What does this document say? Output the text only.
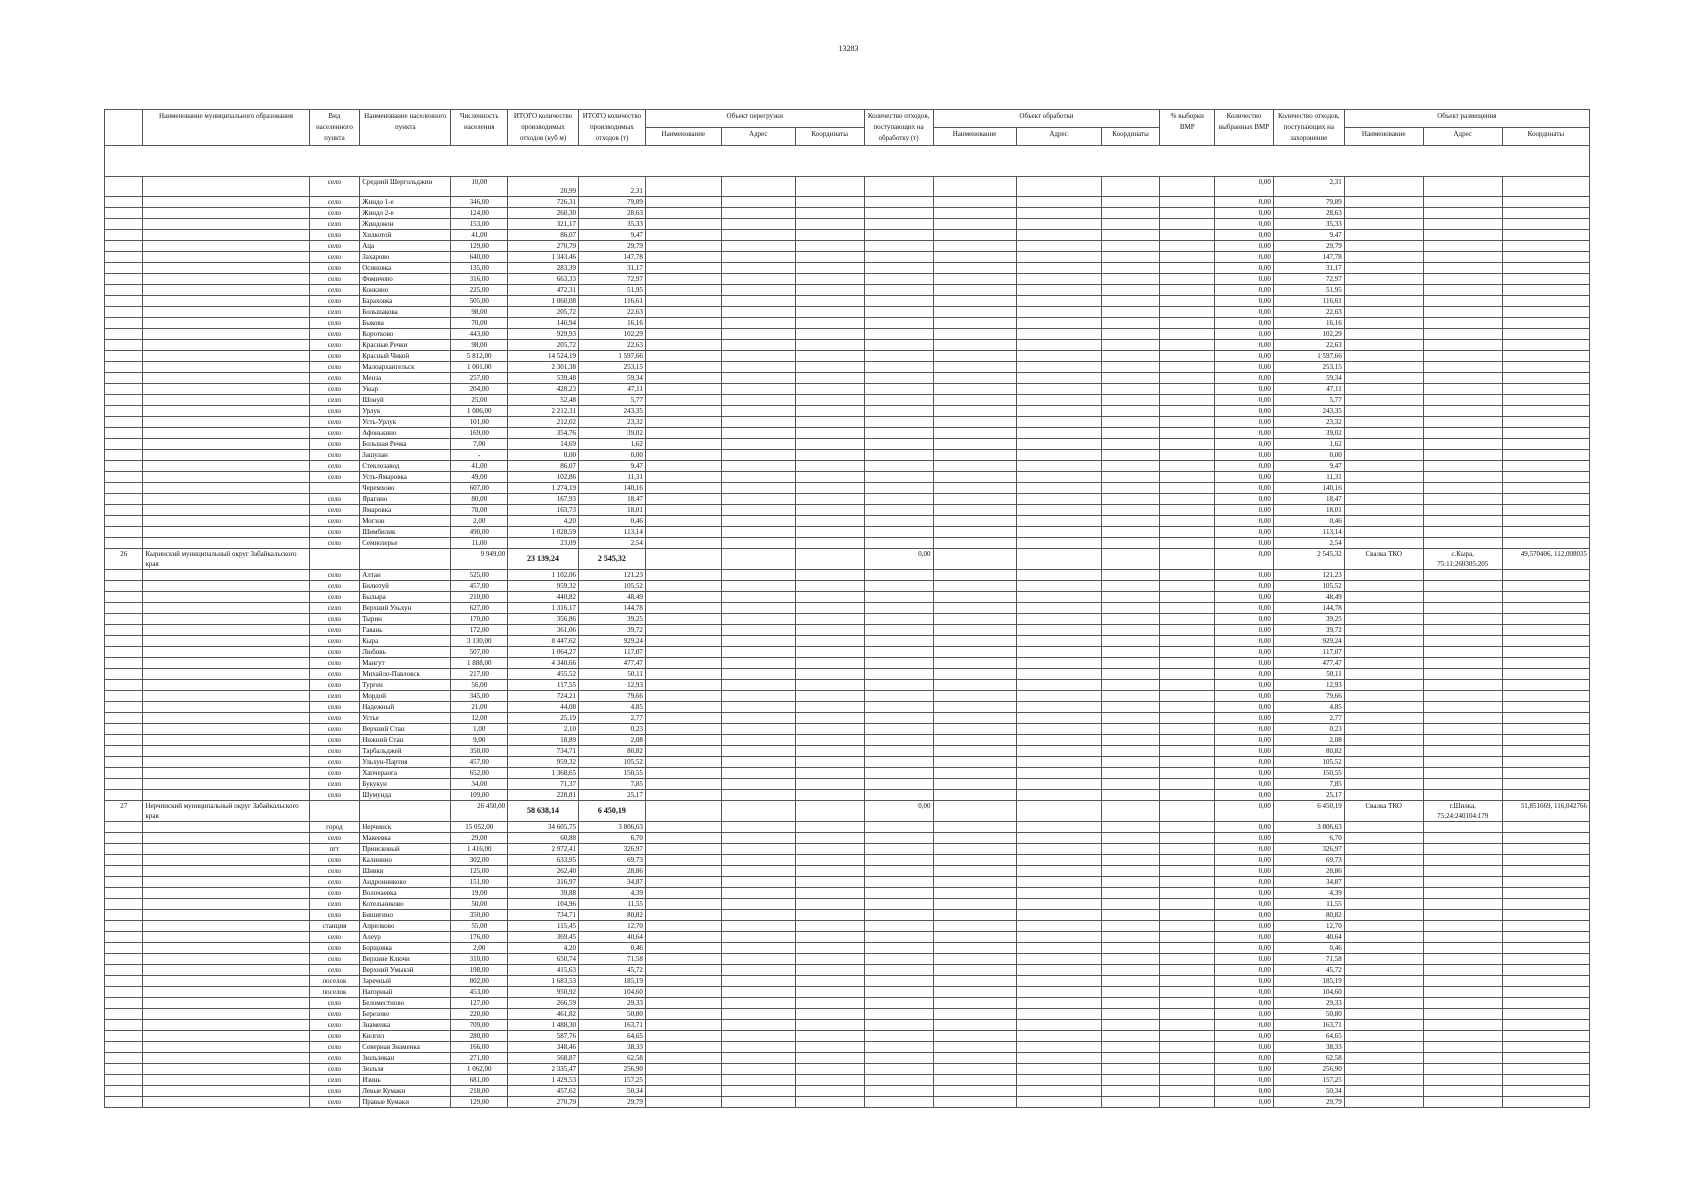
13283
	Наименование муниципального образования	Вид населенного пункта	Наименование населенного пункта	Численность населения	ИТОГО количество производимых отходов (куб м)	ИТОГО количество производимых отходов (т)	Объект перегрузки			Количество отходов, поступающих на обработку (т)	Объект обработки			% выборки ВМР	Количество выбранных ВМР	Количество отходов, поступающих на захоронение	Объект размещения		
							Наименование	Адрес	Координаты		Наименование	Адрес	Координаты				Наименование	Адрес	Координаты

		село	Средний Шергольджин	10,00	20,99	2,31									0,00	2,31			
		село	Жиндо 1-е	346,00	726,31	79,89									0,00	79,89			
		село	Жиндо 2-е	124,00	260,30	28,63									0,00	28,63			
		село	Жиндокон	153,00	321,17	35,33									0,00	35,33			
		село	Хилкотой	41,00	86,07	9,47									0,00	9,47			
		село	Аца	129,00	270,79	29,79									0,00	29,79			
		село	Захарово	640,00	1 343,46	147,78									0,00	147,78			
		село	Осиновка	135,00	283,39	31,17									0,00	31,17			
		село	Фомичево	316,00	663,33	72,97									0,00	72,97			
		село	Конкино	225,00	472,31	51,95									0,00	51,95			
		село	Бараховка	505,00	1 060,08	116,61									0,00	116,61			
		село	Большакова	98,00	205,72	22,63									0,00	22,63			
		село	Быкова	70,00	146,94	16,16									0,00	16,16			
		село	Коротково	443,00	929,93	102,29									0,00	102,29			
		село	Красные Речки	98,00	205,72	22,63									0,00	22,63			
		село	Красный Чикой	5 812,00	14 524,19	1 597,66									0,00	1 597,66			
		село	Малоархангельск	1 001,00	2 301,38	253,15									0,00	253,15			
		село	Менза	257,00	539,48	59,34									0,00	59,34			
		село	Укыр	204,00	428,23	47,11									0,00	47,11			
		село	Шонуй	25,00	52,48	5,77									0,00	5,77			
		село	Урлук	1 006,00	2 212,31	243,35									0,00	243,35			
		село	Усть-Урлук	101,00	212,02	23,32									0,00	23,32			
		село	Афонькино	169,00	354,76	39,02									0,00	39,02			
		село	Большая Речка	7,00	14,69	1,62									0,00	1,62			
		село	Зашулан	-	0,00	0,00									0,00	0,00			
		село	Стеклозавод	41,00	86,07	9,47									0,00	9,47			
		село	Усть-Ямаровка	49,00	102,86	11,31									0,00	11,31			
			Черемхово	607,00	1 274,19	140,16									0,00	140,16			
		село	Ярагнно	80,00	167,93	18,47									0,00	18,47			
		село	Ямаровка	78,00	163,73	18,01									0,00	18,01			
		село	Могзон	2,00	4,20	0,46									0,00	0,46			
		село	Шимбилик	490,00	1 028,59	113,14									0,00	113,14			
		село	Семиозерье	11,00	23,09	2,54									0,00	2,54			
26	Кыринский муниципальный округ Забайкальского края			9 949,00	23 139,24	2 545,32				0,00					0,00	2 545,32	Свалка ТКО	с.Кыра, 75:11:260305:205	49,570406, 112,008035
		село	Алтан	525,00	1 102,06	121,23									0,00	121,23			
		село	Билютуй	457,00	959,32	105,52									0,00	105,52			
		село	Былыра	210,00	440,82	48,49									0,00	48,49			
		село	Верхний Ульхун	627,00	1 316,17	144,78									0,00	144,78			
		село	Тырин	170,00	356,86	39,25									0,00	39,25			
		село	Гавань	172,00	361,06	39,72									0,00	39,72			
		село	Кыра	3 130,00	8 447,62	929,24									0,00	929,24			
		село	Любовь	507,00	1 064,27	117,07									0,00	117,07			
		село	Мангут	1 888,00	4 340,66	477,47									0,00	477,47			
		село	Михайло-Павловск	217,00	455,52	50,11									0,00	50,11			
		село	Турген	56,00	117,55	12,93									0,00	12,93			
		село	Мордой	345,00	724,21	79,66									0,00	79,66			
		село	Надежный	21,00	44,08	4,85									0,00	4,85			
		село	Устье	12,00	25,19	2,77									0,00	2,77			
		село	Верхний Стан	1,00	2,10	0,23									0,00	0,23			
		село	Нижний Стан	9,00	18,89	2,08									0,00	2,08			
		село	Тарбальджей	350,00	734,71	80,82									0,00	80,82			
		село	Ульхун-Партия	457,00	959,32	105,52									0,00	105,52			
		село	Хапчеранга	652,00	1 368,65	150,55									0,00	150,55			
		село	Букукун	34,00	71,37	7,85									0,00	7,85			
		село	Шумунда	109,00	228,81	25,17									0,00	25,17			
27	Нерчинский муниципальный округ Забайкальского края			26 450,00	58 638,14	6 450,19				0,00					0,00	6 450,19	Свалка ТКО	г.Шилка, 75:24:240104:179	51,851669, 116,042766
		город	Нерчинск	15 052,00	34 605,75	3 806,63									0,00	3 806,63			
		село	Макеевка	29,00	60,88	6,70									0,00	6,70			
		пгт	Приисковый	1 416,00	2 972,41	326,97									0,00	326,97			
		село	Калинино	302,00	633,95	69,73									0,00	69,73			
		село	Шивки	125,00	262,40	28,86									0,00	28,86			
		село	Андронниково	151,00	316,97	34,87									0,00	34,87			
		село	Волочаевка	19,00	39,88	4,39									0,00	4,39			
		село	Котельниково	50,00	104,96	11,55									0,00	11,55			
		село	Бишигино	350,00	734,71	80,82									0,00	80,82			
		станция	Апрелково	55,00	115,45	12,70									0,00	12,70			
		село	Алеур	176,00	369,45	40,64									0,00	40,64			
		село	Борщовка	2,00	4,20	0,46									0,00	0,46			
		село	Верхние Ключи	310,00	650,74	71,58									0,00	71,58			
		село	Верхний Умыкэй	198,00	415,63	45,72									0,00	45,72			
		поселок	Заречный	802,00	1 683,53	185,19									0,00	185,19			
		поселок	Нагорный	453,00	950,92	104,60									0,00	104,60			
		село	Беломестново	127,00	266,59	29,33									0,00	29,33			
		село	Березово	220,00	461,82	50,80									0,00	50,80			
		село	Знаменка	709,00	1 488,30	163,71									0,00	163,71			
		село	Килгил	280,00	587,76	64,65									0,00	64,65			
		село	Северная Знаменка	166,00	348,46	38,33									0,00	38,33			
		село	Зюльзикан	271,00	568,87	62,58									0,00	62,58			
		село	Зюльзя	1 062,00	2 335,47	256,90									0,00	256,90			
		село	Изинь	681,00	1 429,53	157,25									0,00	157,25			
		село	Левые Кумаки	218,00	457,62	50,34									0,00	50,34			
		село	Правые Кумаки	129,00	270,79	29,79									0,00	29,79			
